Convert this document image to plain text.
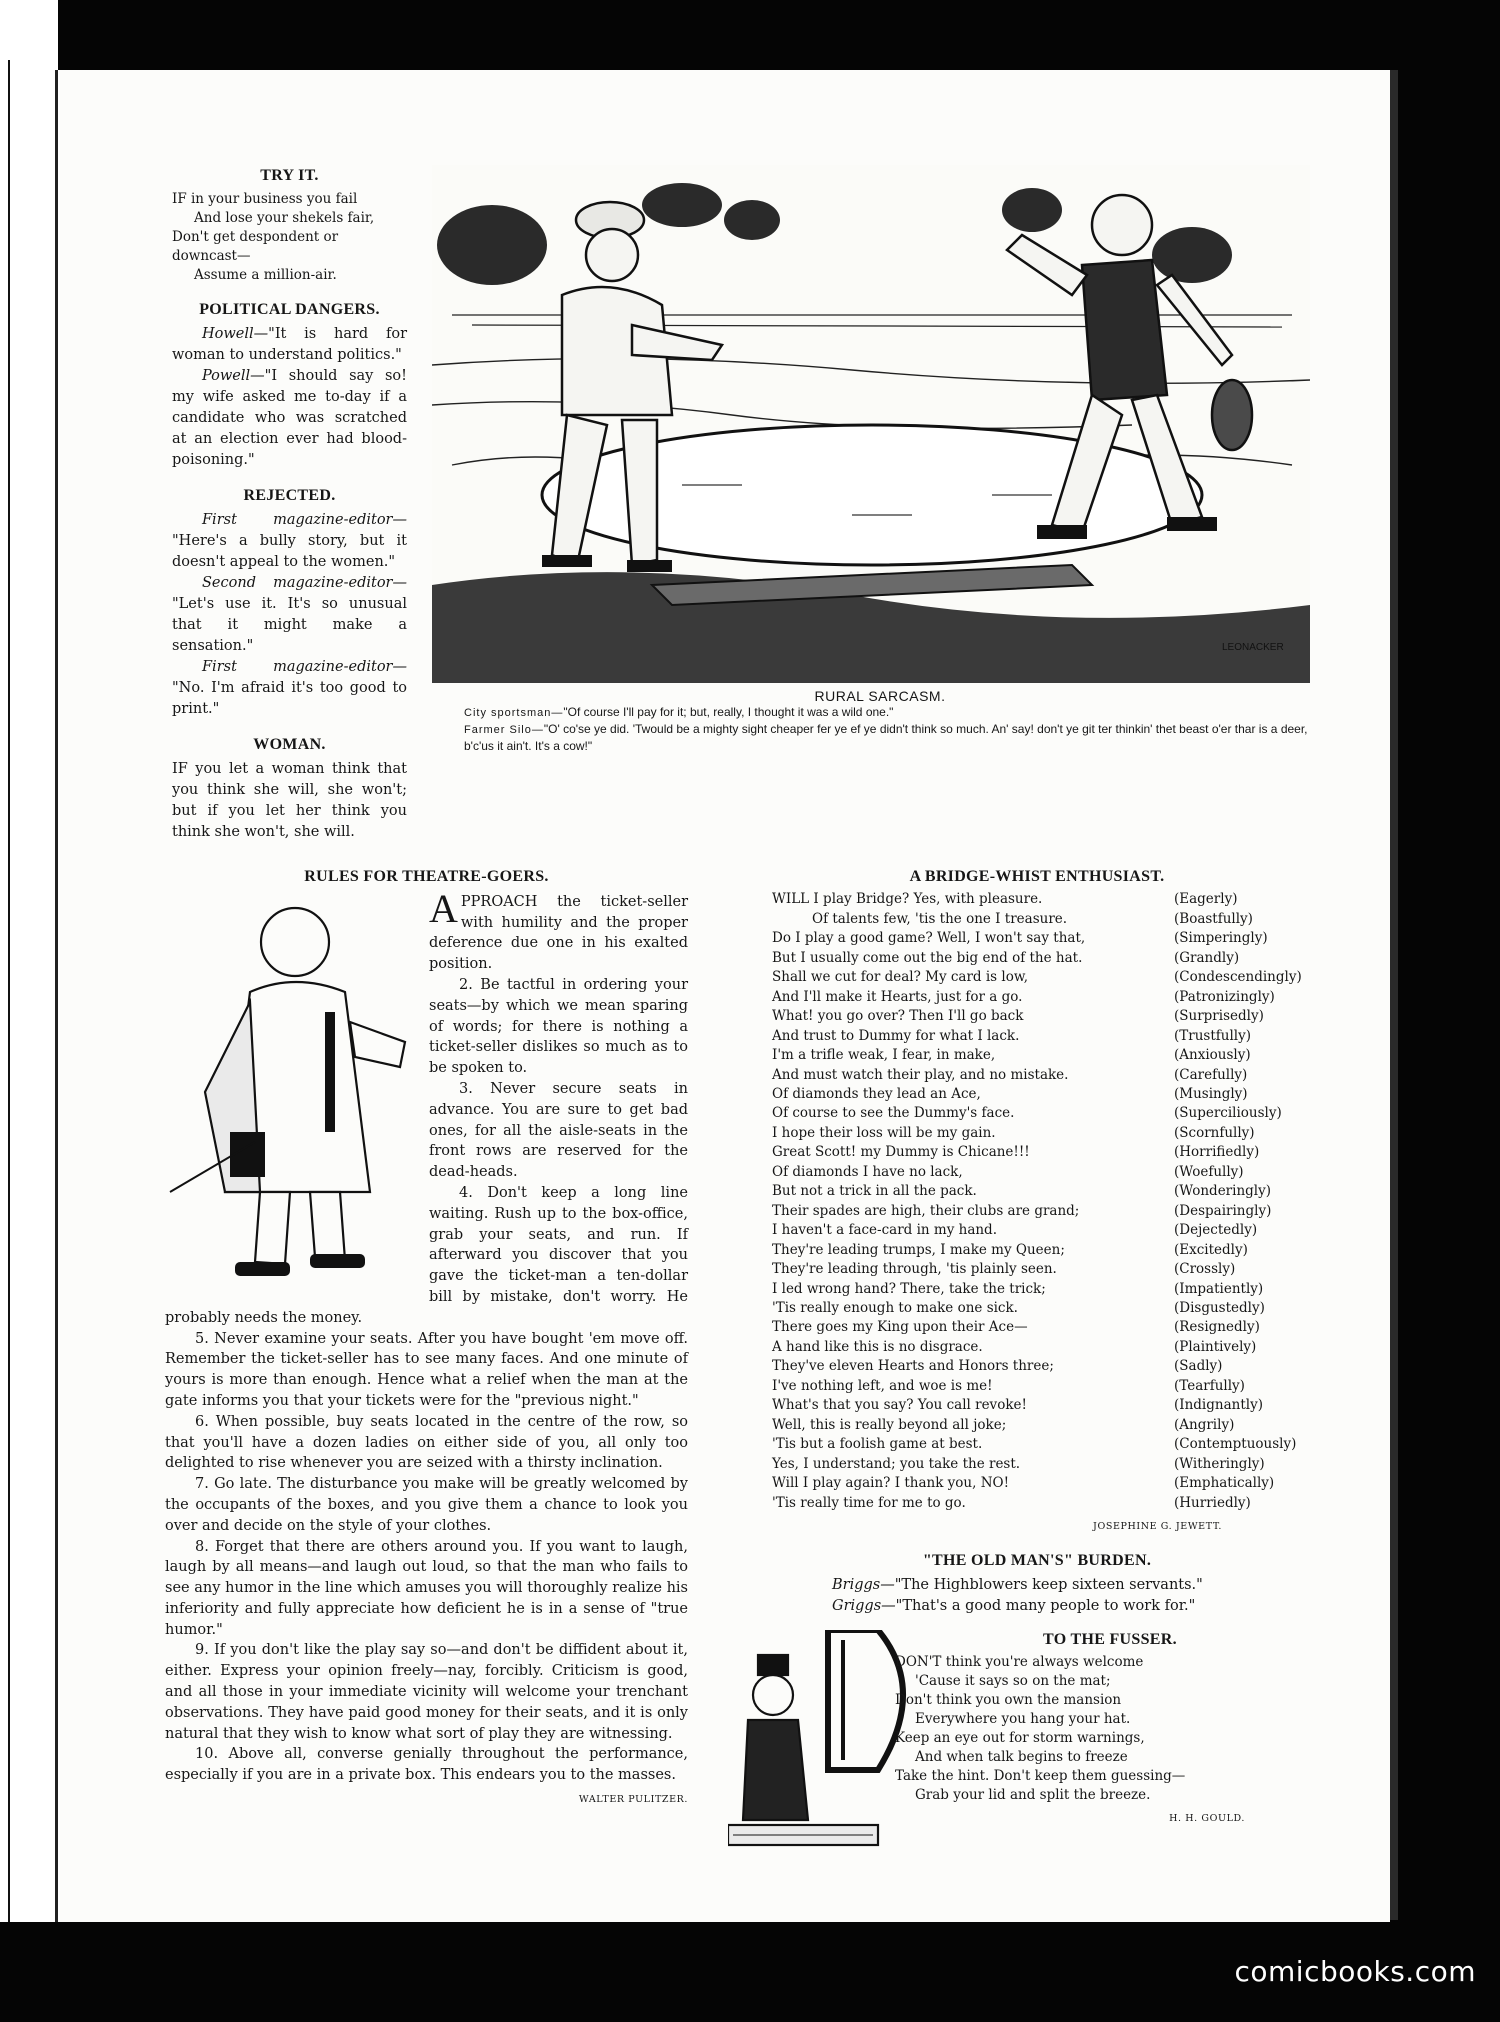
TRY IT.
IF in your business you fail
And lose your shekels fair,
Don't get despondent or downcast—
Assume a million-air.
POLITICAL DANGERS.

Howell—"It is hard for woman to understand politics."

Powell—"I should say so! my wife asked me to-day if a candidate who was scratched at an election ever had blood-poisoning."

REJECTED.

First magazine-editor— "Here's a bully story, but it doesn't appeal to the women."

Second magazine-editor— "Let's use it. It's so unusual that it might make a sensation."

First magazine-editor— "No. I'm afraid it's too good to print."

WOMAN.

IF you let a woman think that you think she will, she won't; but if you let her think you think she won't, she will.

LEONACKER
RURAL SARCASM.
City sportsman—"Of course I'll pay for it; but, really, I thought it was a wild one."
Farmer Silo—"O' co'se ye did. 'Twould be a mighty sight cheaper fer ye ef ye didn't think so much. An' say! don't ye git ter thinkin' thet beast o'er thar is a deer, b'c'us it ain't. It's a cow!"
RULES FOR THEATRE-GOERS.

APPROACH the ticket-seller with humility and the proper deference due one in his exalted position.

2. Be tactful in ordering your seats—by which we mean sparing of words; for there is nothing a ticket-seller dislikes so much as to be spoken to.

3. Never secure seats in advance. You are sure to get bad ones, for all the aisle-seats in the front rows are reserved for the dead-heads.

4. Don't keep a long line waiting. Rush up to the box-office, grab your seats, and run. If afterward you discover that you gave the ticket-man a ten-dollar bill by mistake, don't worry. He probably needs the money.

5. Never examine your seats. After you have bought 'em move off. Remember the ticket-seller has to see many faces. And one minute of yours is more than enough. Hence what a relief when the man at the gate informs you that your tickets were for the "previous night."

6. When possible, buy seats located in the centre of the row, so that you'll have a dozen ladies on either side of you, all only too delighted to rise whenever you are seized with a thirsty inclination.

7. Go late. The disturbance you make will be greatly welcomed by the occupants of the boxes, and you give them a chance to look you over and decide on the style of your clothes.

8. Forget that there are others around you. If you want to laugh, laugh by all means—and laugh out loud, so that the man who fails to see any humor in the line which amuses you will thoroughly realize his inferiority and fully appreciate how deficient he is in a sense of "true humor."

9. If you don't like the play say so—and don't be diffident about it, either. Express your opinion freely—nay, forcibly. Criticism is good, and all those in your immediate vicinity will welcome your trenchant observations. They have paid good money for their seats, and it is only natural that they wish to know what sort of play they are witnessing.

10. Above all, converse genially throughout the performance, especially if you are in a private box. This endears you to the masses.

WALTER PULITZER.
A BRIDGE-WHIST ENTHUSIAST.
WILL I play Bridge? Yes, with pleasure.	(Eagerly)
Of talents few, 'tis the one I treasure.	(Boastfully)
Do I play a good game? Well, I won't say that,	(Simperingly)
But I usually come out the big end of the hat.	(Grandly)
Shall we cut for deal? My card is low,	(Condescendingly)
And I'll make it Hearts, just for a go.	(Patronizingly)
What! you go over? Then I'll go back	(Surprisedly)
And trust to Dummy for what I lack.	(Trustfully)
I'm a trifle weak, I fear, in make,	(Anxiously)
And must watch their play, and no mistake.	(Carefully)
Of diamonds they lead an Ace,	(Musingly)
Of course to see the Dummy's face.	(Superciliously)
I hope their loss will be my gain.	(Scornfully)
Great Scott! my Dummy is Chicane!!!	(Horrifiedly)
Of diamonds I have no lack,	(Woefully)
But not a trick in all the pack.	(Wonderingly)
Their spades are high, their clubs are grand;	(Despairingly)
I haven't a face-card in my hand.	(Dejectedly)
They're leading trumps, I make my Queen;	(Excitedly)
They're leading through, 'tis plainly seen.	(Crossly)
I led wrong hand? There, take the trick;	(Impatiently)
'Tis really enough to make one sick.	(Disgustedly)
There goes my King upon their Ace—	(Resignedly)
A hand like this is no disgrace.	(Plaintively)
They've eleven Hearts and Honors three;	(Sadly)
I've nothing left, and woe is me!	(Tearfully)
What's that you say? You call revoke!	(Indignantly)
Well, this is really beyond all joke;	(Angrily)
'Tis but a foolish game at best.	(Contemptuously)
Yes, I understand; you take the rest.	(Witheringly)
Will I play again? I thank you, NO!	(Emphatically)
'Tis really time for me to go.	(Hurriedly)
JOSEPHINE G. JEWETT.
"THE OLD MAN'S" BURDEN.

Briggs—"The Highblowers keep sixteen servants."

Griggs—"That's a good many people to work for."

TO THE FUSSER.
DON'T think you're always welcome
'Cause it says so on the mat;
Don't think you own the mansion
Everywhere you hang your hat.
Keep an eye out for storm warnings,
And when talk begins to freeze
Take the hint. Don't keep them guessing—
Grab your lid and split the breeze.
H. H. GOULD.
comicbooks.com
